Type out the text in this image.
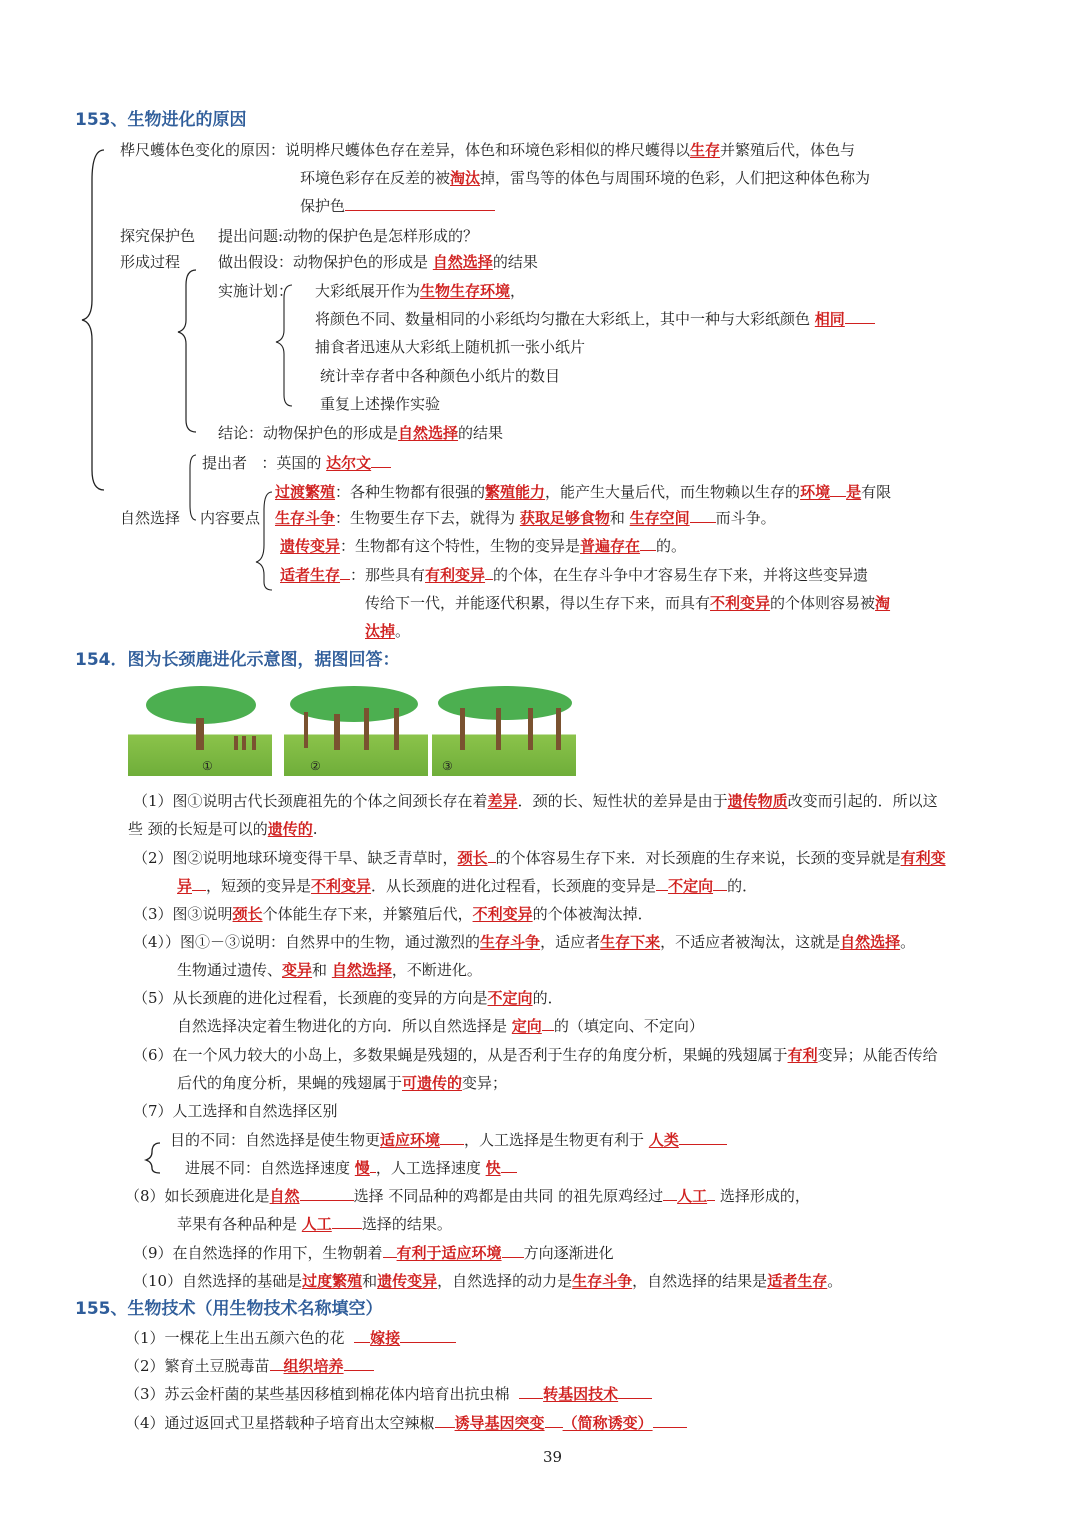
153、生物进化的原因
桦尺蠖体色变化的原因：说明桦尺蠖体色存在差异，体色和环境色彩相似的桦尺蠖得以生存并繁殖后代，体色与
环境色彩存在反差的被淘汰掉，雷鸟等的体色与周围环境的色彩，人们把这种体色称为
保护色
探究保护色
形成过程
提出问题:动物的保护色是怎样形成的？
做出假设：动物保护色的形成是 自然选择的结果
实施计划： 大彩纸展开作为生物生存环境，
将颜色不同、数量相同的小彩纸均匀撒在大彩纸上，其中一种与大彩纸颜色 相同
捕食者迅速从大彩纸上随机抓一张小纸片
统计幸存者中各种颜色小纸片的数目
重复上述操作实验
结论：动物保护色的形成是自然选择的结果
提出者 ：英国的 达尔文
自然选择 内容要点
过渡繁殖：各种生物都有很强的繁殖能力，能产生大量后代，而生物赖以生存的环境 是有限
生存斗争：生物要生存下去，就得为 获取足够食物和 生存空间 而斗争。
遗传变异：生物都有这个特性，生物的变异是普遍存在 的。
适者生存 ：那些具有有利变异 的个体，在生存斗争中才容易生存下来，并将这些变异遗
传给下一代，并能逐代积累，得以生存下来，而具有不利变异的个体则容易被淘
汰掉。
154．图为长颈鹿进化示意图，据图回答：
①	②	③
（1）图①说明古代长颈鹿祖先的个体之间颈长存在着差异．颈的长、短性状的差异是由于遗传物质改变而引起的．所以这
些 颈的长短是可以的遗传的.
（2）图②说明地球环境变得干旱、缺乏青草时，颈长 的个体容易生存下来．对长颈鹿的生存来说，长颈的变异就是有利变
异 ，短颈的变异是不利变异．从长颈鹿的进化过程看，长颈鹿的变异是 不定向 的．
（3）图③说明颈长个体能生存下来，并繁殖后代，不利变异的个体被淘汰掉．
（4））图①－③说明：自然界中的生物，通过激烈的生存斗争，适应者生存下来，不适应者被淘汰，这就是自然选择。
生物通过遗传、变异和 自然选择，不断进化。
（5）从长颈鹿的进化过程看，长颈鹿的变异的方向是不定向的．
自然选择决定着生物进化的方向．所以自然选择是 定向 的（填定向、不定向）
（6）在一个风力较大的小岛上，多数果蝇是残翅的，从是否利于生存的角度分析，果蝇的残翅属于有利变异；从能否传给
后代的角度分析，果蝇的残翅属于可遗传的变异；
（7）人工选择和自然选择区别
目的不同：自然选择是使生物更适应环境 ，人工选择是生物更有利于 人类
进展不同：自然选择速度 慢 ，人工选择速度 快
（8）如长颈鹿进化是自然	选择 不同品种的鸡都是由共同 的祖先原鸡经过 人工 选择形成的，
苹果有各种品种是 人工 选择的结果。
（9）在自然选择的作用下，生物朝着 有利于适应环境 方向逐渐进化
（10）自然选择的基础是过度繁殖和遗传变异，自然选择的动力是生存斗争，自然选择的结果是适者生存。
155、生物技术（用生物技术名称填空）
（1）一棵花上生出五颜六色的花 嫁接
（2）繁育土豆脱毒苗 组织培养
（3）苏云金杆菌的某些基因移植到棉花体内培育出抗虫棉 转基因技术
（4）通过返回式卫星搭载种子培育出太空辣椒 诱导基因突变 （简称诱变）
39
